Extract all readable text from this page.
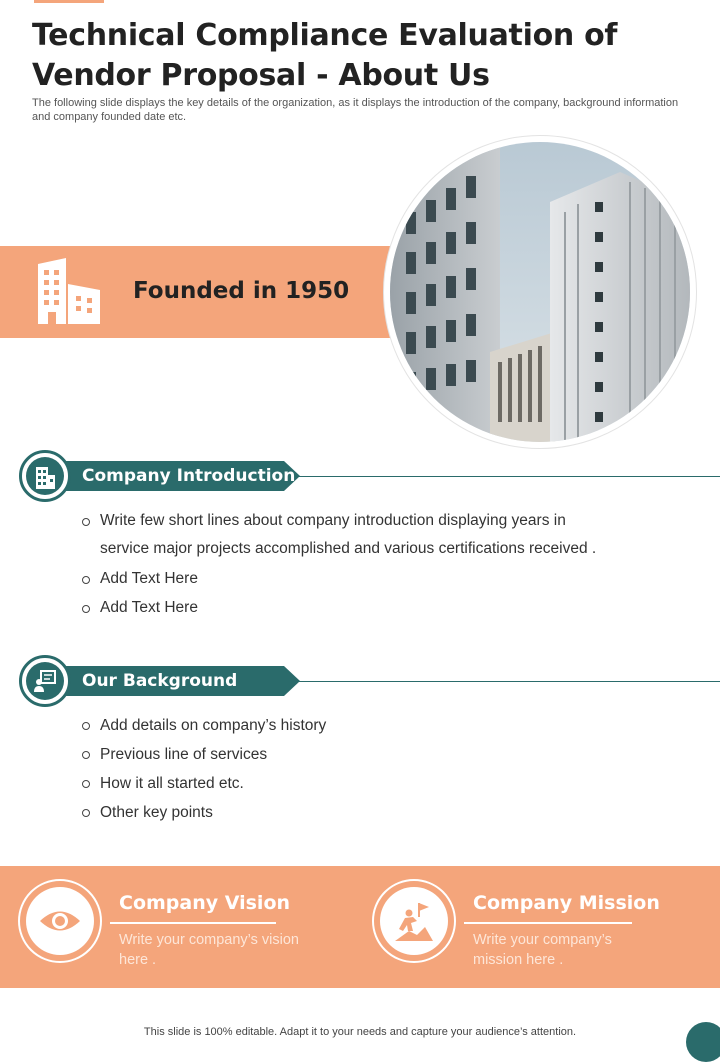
Technical Compliance Evaluation of Vendor Proposal - About Us

The following slide displays the key details of the organization, as it displays the introduction of the company, background information and company founded date etc.

Founded in 1950
Company Introduction
Write few short lines about company introduction displaying years in service major projects accomplished and various certifications received .
Add Text Here
Add Text Here
Our Background
Add details on company’s history
Previous line of services
How it all started etc.
Other key points
Company Vision
Write your company’s vision here .
Company Mission
Write your company’s mission here .
This slide is 100% editable. Adapt it to your needs and capture your audience’s attention.
